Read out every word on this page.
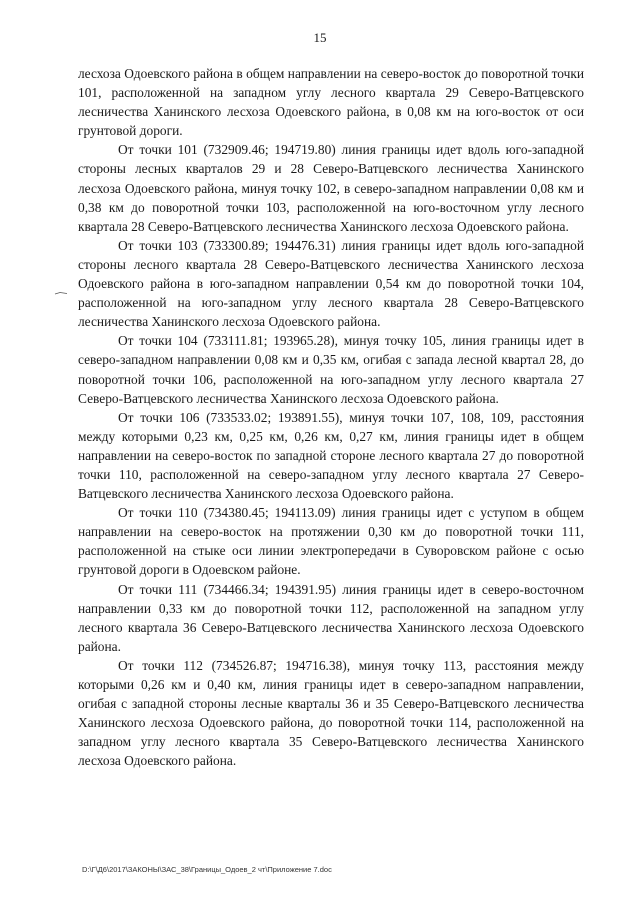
15

лесхоза Одоевского района в общем направлении на северо-восток до поворотной точки 101, расположенной на западном углу лесного квартала 29 Северо-Ватцевского лесничества Ханинского лесхоза Одоевского района, в 0,08 км на юго-восток от оси грунтовой дороги.

От точки 101 (732909.46; 194719.80) линия границы идет вдоль юго-западной стороны лесных кварталов 29 и 28 Северо-Ватцевского лесничества Ханинского лесхоза Одоевского района, минуя точку 102, в северо-западном направлении 0,08 км и 0,38 км до поворотной точки 103, расположенной на юго-восточном углу лесного квартала 28 Северо-Ватцевского лесничества Ханинского лесхоза Одоевского района.

От точки 103 (733300.89; 194476.31) линия границы идет вдоль юго-западной стороны лесного квартала 28 Северо-Ватцевского лесничества Ханинского лесхоза Одоевского района в юго-западном направлении 0,54 км до поворотной точки 104, расположенной на юго-западном углу лесного квартала 28 Северо-Ватцевского лесничества Ханинского лесхоза Одоевского района.

От точки 104 (733111.81; 193965.28), минуя точку 105, линия границы идет в северо-западном направлении 0,08 км и 0,35 км, огибая с запада лесной квартал 28, до поворотной точки 106, расположенной на юго-западном углу лесного квартала 27 Северо-Ватцевского лесничества Ханинского лесхоза Одоевского района.

От точки 106 (733533.02; 193891.55), минуя точки 107, 108, 109, расстояния между которыми 0,23 км, 0,25 км, 0,26 км, 0,27 км, линия границы идет в общем направлении на северо-восток по западной стороне лесного квартала 27 до поворотной точки 110, расположенной на северо-западном углу лесного квартала 27 Северо-Ватцевского лесничества Ханинского лесхоза Одоевского района.

От точки 110 (734380.45; 194113.09) линия границы идет с уступом в общем направлении на северо-восток на протяжении 0,30 км до поворотной точки 111, расположенной на стыке оси линии электропередачи в Суворовском районе с осью грунтовой дороги в Одоевском районе.

От точки 111 (734466.34; 194391.95) линия границы идет в северо-восточном направлении 0,33 км до поворотной точки 112, расположенной на западном углу лесного квартала 36 Северо-Ватцевского лесничества Ханинского лесхоза Одоевского района.

От точки 112 (734526.87; 194716.38), минуя точку 113, расстояния между которыми 0,26 км и 0,40 км, линия границы идет в северо-западном направлении, огибая с западной стороны лесные кварталы 36 и 35 Северо-Ватцевского лесничества Ханинского лесхоза Одоевского района, до поворотной точки 114, расположенной на западном углу лесного квартала 35 Северо-Ватцевского лесничества Ханинского лесхоза Одоевского района.

D:\Г\Д6\2017\ЗАКОНЫ\ЗАС_38\Границы_Одоев_2 чт\Приложение 7.doc
